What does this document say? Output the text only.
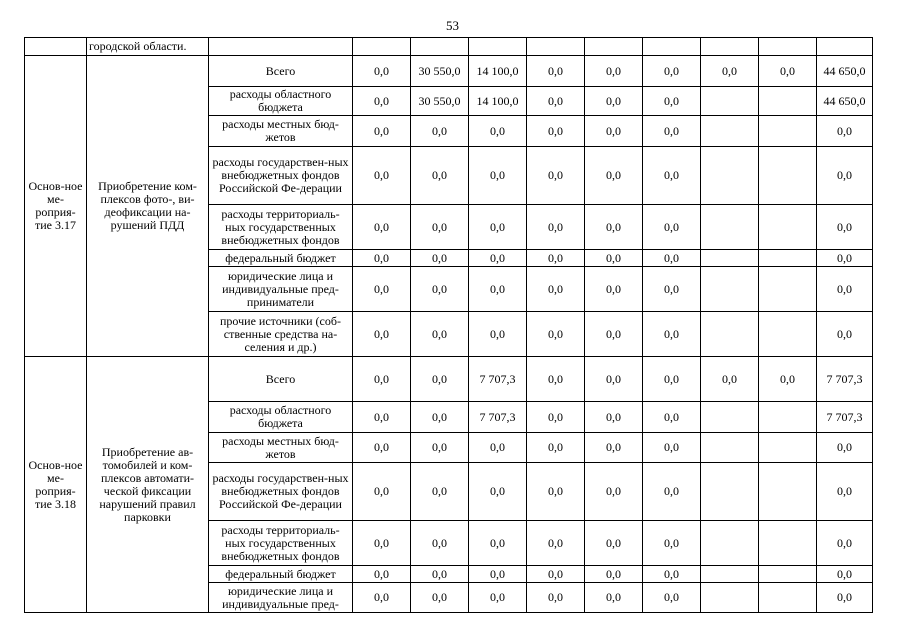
53
	городской области.										
Основ-ное ме-роприя-тие 3.17	Приобретение ком-плексов фото-, ви-деофиксации на-рушений ПДД	Всего	0,0	30 550,0	14 100,0	0,0	0,0	0,0	0,0	0,0	44 650,0
		расходы областного бюджета	0,0	30 550,0	14 100,0	0,0	0,0	0,0			44 650,0
		расходы местных бюд-жетов	0,0	0,0	0,0	0,0	0,0	0,0			0,0
		расходы государствен-ных внебюджетных фондов Российской Фе-дерации	0,0	0,0	0,0	0,0	0,0	0,0			0,0
		расходы территориаль-ных государственных внебюджетных фондов	0,0	0,0	0,0	0,0	0,0	0,0			0,0
		федеральный бюджет	0,0	0,0	0,0	0,0	0,0	0,0			0,0
		юридические лица и индивидуальные пред-приниматели	0,0	0,0	0,0	0,0	0,0	0,0			0,0
		прочие источники (соб-ственные средства на-селения и др.)	0,0	0,0	0,0	0,0	0,0	0,0			0,0
Основ-ное ме-роприя-тие 3.18	Приобретение ав-томобилей и ком-плексов автомати-ческой фиксации нарушений правил парковки	Всего	0,0	0,0	7 707,3	0,0	0,0	0,0	0,0	0,0	7 707,3
		расходы областного бюджета	0,0	0,0	7 707,3	0,0	0,0	0,0			7 707,3
		расходы местных бюд-жетов	0,0	0,0	0,0	0,0	0,0	0,0			0,0
		расходы государствен-ных внебюджетных фондов Российской Фе-дерации	0,0	0,0	0,0	0,0	0,0	0,0			0,0
		расходы территориаль-ных государственных внебюджетных фондов	0,0	0,0	0,0	0,0	0,0	0,0			0,0
		федеральный бюджет	0,0	0,0	0,0	0,0	0,0	0,0			0,0
		юридические лица и индивидуальные пред-	0,0	0,0	0,0	0,0	0,0	0,0			0,0
